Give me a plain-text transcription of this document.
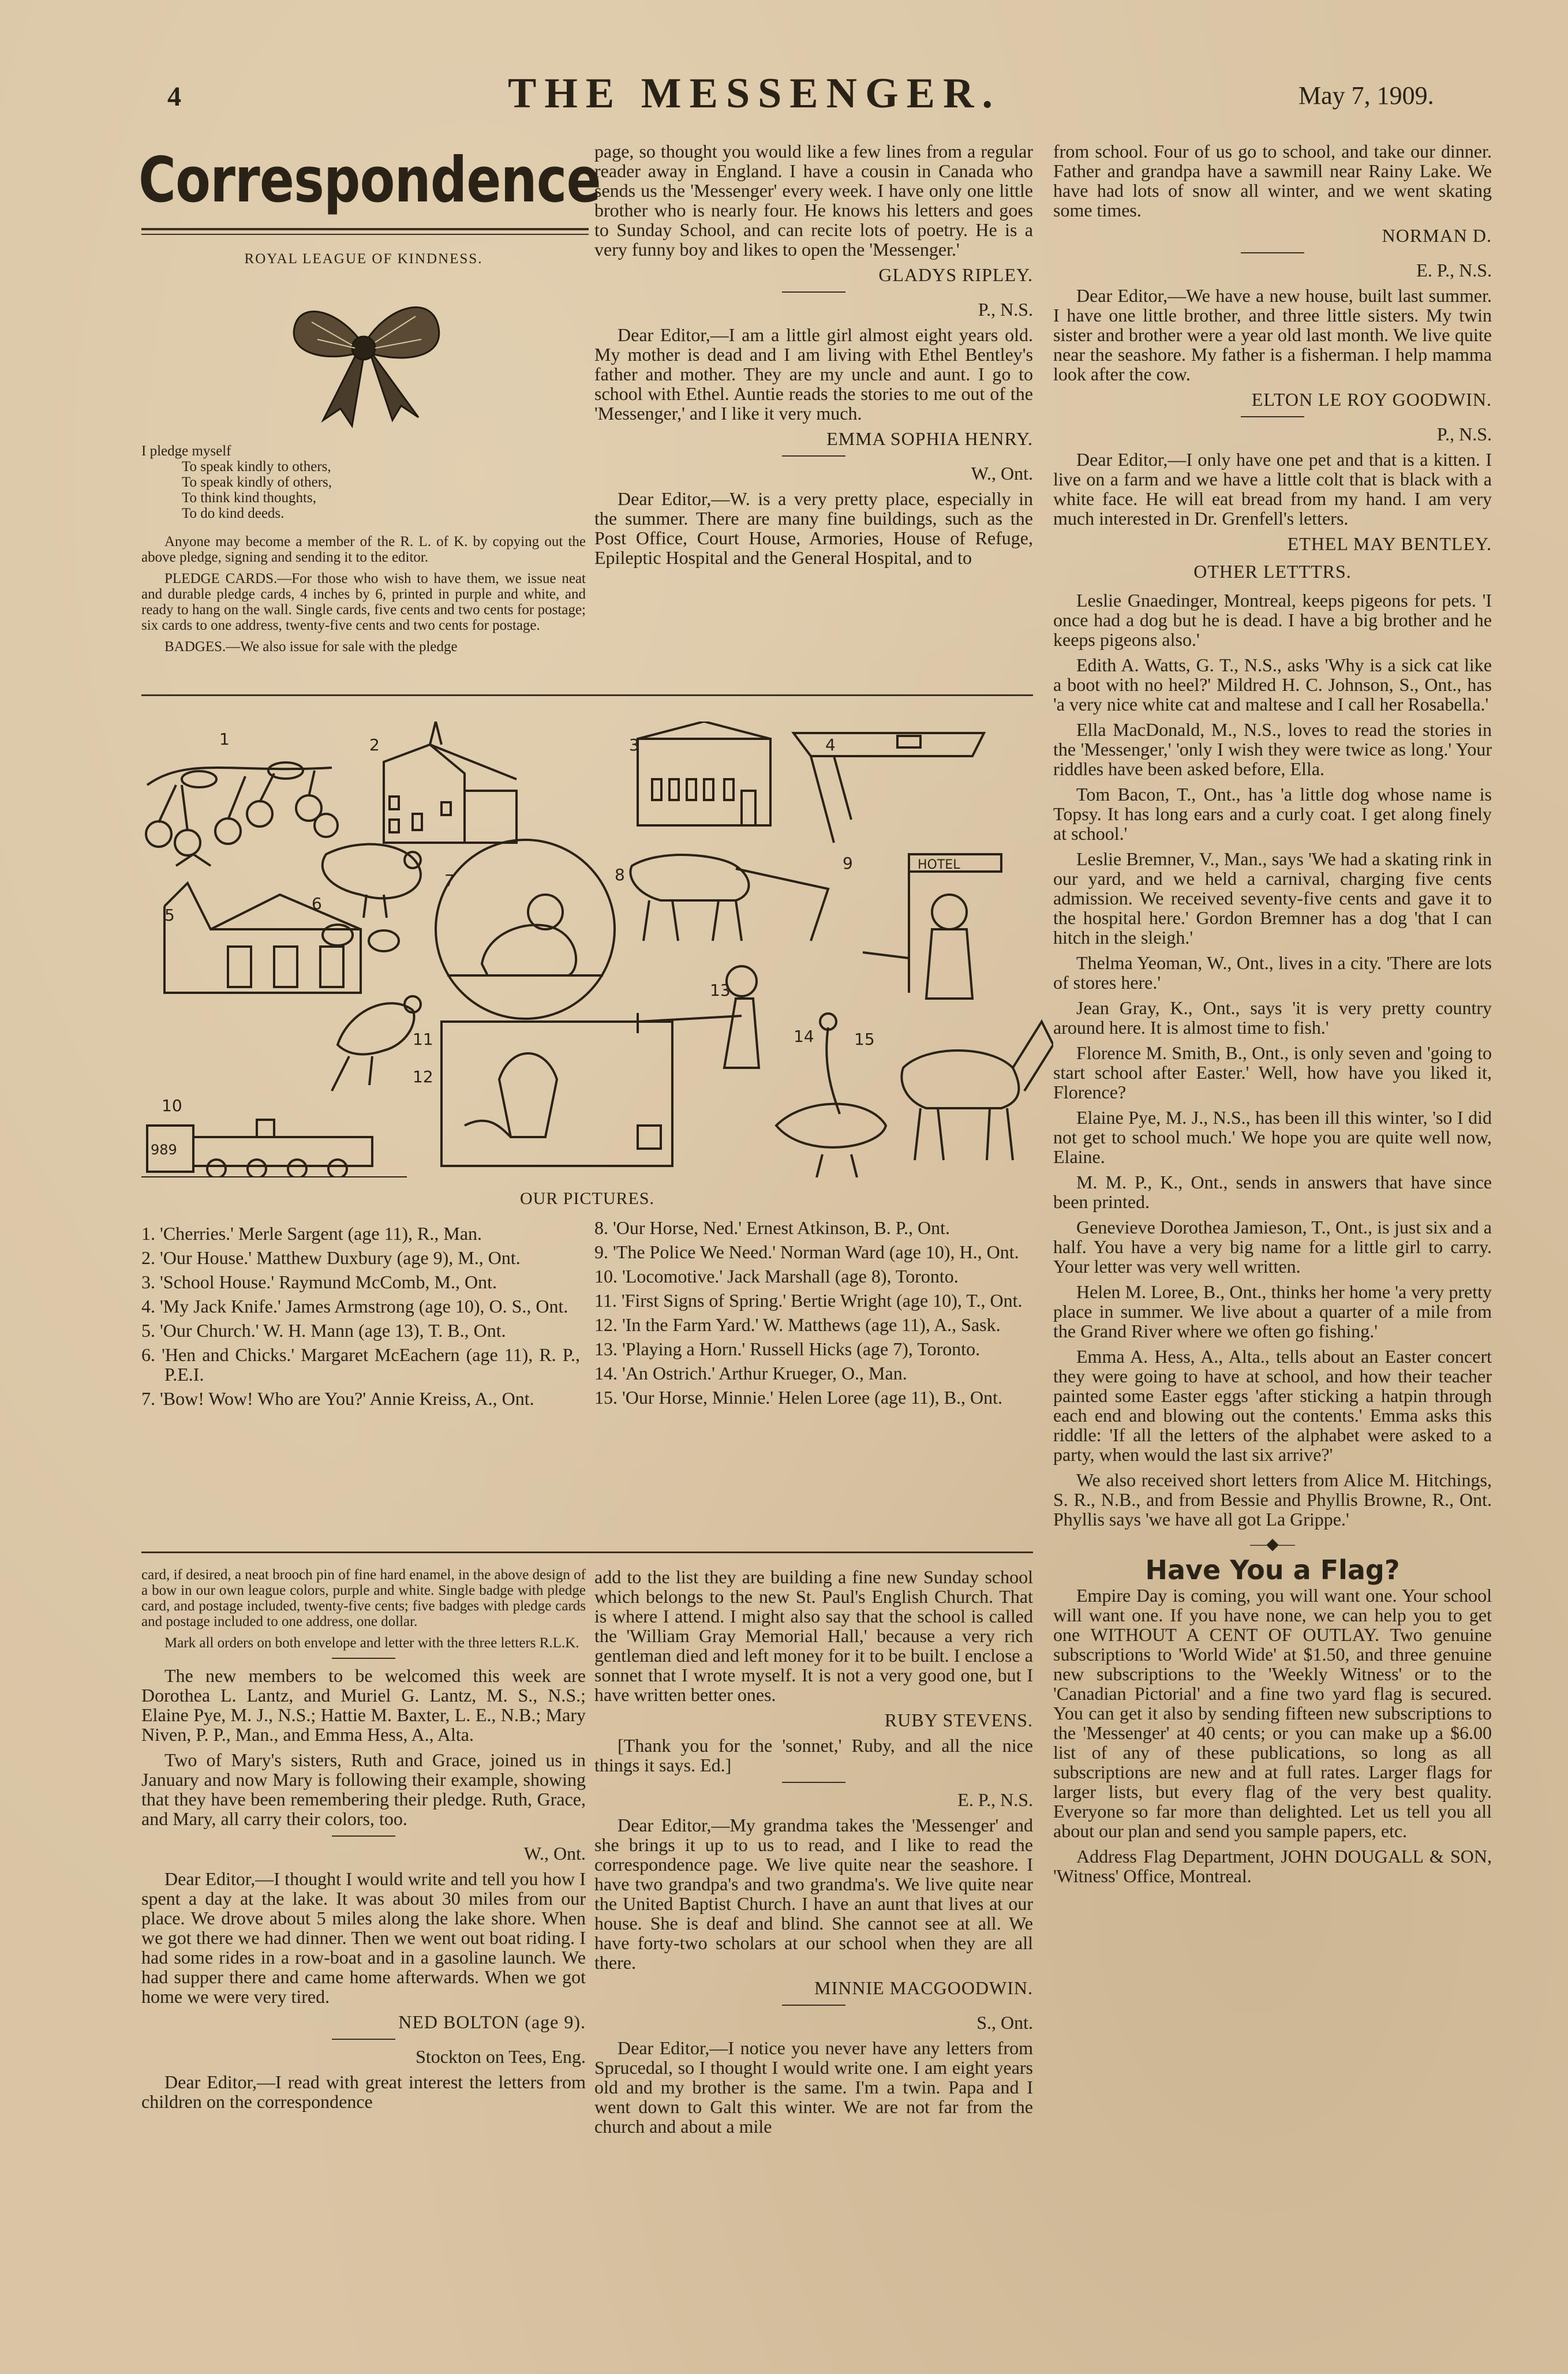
4	THE MESSENGER.	May 7, 1909.
Correspondence
ROYAL LEAGUE OF KINDNESS.
I pledge myself
To speak kindly to others,
To speak kindly of others,
To think kind thoughts,
To do kind deeds.

Anyone may become a member of the R. L. of K. by copying out the above pledge, signing and sending it to the editor.

PLEDGE CARDS.—For those who wish to have them, we issue neat and durable pledge cards, 4 inches by 6, printed in purple and white, and ready to hang on the wall. Single cards, five cents and two cents for postage; six cards to one address, twenty-five cents and two cents for postage.

BADGES.—We also issue for sale with the pledge

page, so thought you would like a few lines from a regular reader away in England. I have a cousin in Canada who sends us the 'Messenger' every week. I have only one little brother who is nearly four. He knows his letters and goes to Sunday School, and can recite lots of poetry. He is a very funny boy and likes to open the 'Messenger.'

GLADYS RIPLEY.

P., N.S.

Dear Editor,—I am a little girl almost eight years old. My mother is dead and I am living with Ethel Bentley's father and mother. They are my uncle and aunt. I go to school with Ethel. Auntie reads the stories to me out of the 'Messenger,' and I like it very much.

EMMA SOPHIA HENRY.

W., Ont.

Dear Editor,—W. is a very pretty place, especially in the summer. There are many fine buildings, such as the Post Office, Court House, Armories, House of Refuge, Epileptic Hospital and the General Hospital, and to

from school. Four of us go to school, and take our dinner. Father and grandpa have a sawmill near Rainy Lake. We have had lots of snow all winter, and we went skating some times.

NORMAN D.

E. P., N.S.

Dear Editor,—We have a new house, built last summer. I have one little brother, and three little sisters. My twin sister and brother were a year old last month. We live quite near the seashore. My father is a fisherman. I help mamma look after the cow.

ELTON LE ROY GOODWIN.

P., N.S.

Dear Editor,—I only have one pet and that is a kitten. I live on a farm and we have a little colt that is black with a white face. He will eat bread from my hand. I am very much interested in Dr. Grenfell's letters.

ETHEL MAY BENTLEY.

OTHER LETTTRS.

Leslie Gnaedinger, Montreal, keeps pigeons for pets. 'I once had a dog but he is dead. I have a big brother and he keeps pigeons also.'

Edith A. Watts, G. T., N.S., asks 'Why is a sick cat like a boot with no heel?' Mildred H. C. Johnson, S., Ont., has 'a very nice white cat and maltese and I call her Rosabella.'

Ella MacDonald, M., N.S., loves to read the stories in the 'Messenger,' 'only I wish they were twice as long.' Your riddles have been asked before, Ella.

Tom Bacon, T., Ont., has 'a little dog whose name is Topsy. It has long ears and a curly coat. I get along finely at school.'

Leslie Bremner, V., Man., says 'We had a skating rink in our yard, and we held a carnival, charging five cents admission. We received seventy-five cents and gave it to the hospital here.' Gordon Bremner has a dog 'that I can hitch in the sleigh.'

Thelma Yeoman, W., Ont., lives in a city. 'There are lots of stores here.'

Jean Gray, K., Ont., says 'it is very pretty country around here. It is almost time to fish.'

Florence M. Smith, B., Ont., is only seven and 'going to start school after Easter.' Well, how have you liked it, Florence?

Elaine Pye, M. J., N.S., has been ill this winter, 'so I did not get to school much.' We hope you are quite well now, Elaine.

M. M. P., K., Ont., sends in answers that have since been printed.

Genevieve Dorothea Jamieson, T., Ont., is just six and a half. You have a very big name for a little girl to carry. Your letter was very well written.

Helen M. Loree, B., Ont., thinks her home 'a very pretty place in summer. We live about a quarter of a mile from the Grand River where we often go fishing.'

Emma A. Hess, A., Alta., tells about an Easter concert they were going to have at school, and how their teacher painted some Easter eggs 'after sticking a hatpin through each end and blowing out the contents.' Emma asks this riddle: 'If all the letters of the alphabet were asked to a party, when would the last six arrive?'

We also received short letters from Alice M. Hitchings, S. R., N.B., and from Bessie and Phyllis Browne, R., Ont. Phyllis says 'we have all got La Grippe.'

—◆—
Have You a Flag?

Empire Day is coming, you will want one. Your school will want one. If you have none, we can help you to get one WITHOUT A CENT OF OUTLAY. Two genuine subscriptions to 'World Wide' at $1.50, and three genuine new subscriptions to the 'Weekly Witness' or to the 'Canadian Pictorial' and a fine two yard flag is secured. You can get it also by sending fifteen new subscriptions to the 'Messenger' at 40 cents; or you can make up a $6.00 list of any of these publications, so long as all subscriptions are new and at full rates. Larger flags for larger lists, but every flag of the very best quality. Everyone so far more than delighted. Let us tell you all about our plan and send you sample papers, etc.

Address Flag Department, JOHN DOUGALL & SON, 'Witness' Office, Montreal.

1	2	3	4
5
6
7	8
9
10
11
12
13
14 15
HOTEL
989
OUR PICTURES.
1. 'Cherries.' Merle Sargent (age 11), R., Man.
2. 'Our House.' Matthew Duxbury (age 9), M., Ont.
3. 'School House.' Raymund McComb, M., Ont.
4. 'My Jack Knife.' James Armstrong (age 10), O. S., Ont.
5. 'Our Church.' W. H. Mann (age 13), T. B., Ont.
6. 'Hen and Chicks.' Margaret McEachern (age 11), R. P., P.E.I.
7. 'Bow! Wow! Who are You?' Annie Kreiss, A., Ont.
8. 'Our Horse, Ned.' Ernest Atkinson, B. P., Ont.
9. 'The Police We Need.' Norman Ward (age 10), H., Ont.
10. 'Locomotive.' Jack Marshall (age 8), Toronto.
11. 'First Signs of Spring.' Bertie Wright (age 10), T., Ont.
12. 'In the Farm Yard.' W. Matthews (age 11), A., Sask.
13. 'Playing a Horn.' Russell Hicks (age 7), Toronto.
14. 'An Ostrich.' Arthur Krueger, O., Man.
15. 'Our Horse, Minnie.' Helen Loree (age 11), B., Ont.

card, if desired, a neat brooch pin of fine hard enamel, in the above design of a bow in our own league colors, purple and white. Single badge with pledge card, and postage included, twenty-five cents; five badges with pledge cards and postage included to one address, one dollar.

Mark all orders on both envelope and letter with the three letters R.L.K.

The new members to be welcomed this week are Dorothea L. Lantz, and Muriel G. Lantz, M. S., N.S.; Elaine Pye, M. J., N.S.; Hattie M. Baxter, L. E., N.B.; Mary Niven, P. P., Man., and Emma Hess, A., Alta.

Two of Mary's sisters, Ruth and Grace, joined us in January and now Mary is following their example, showing that they have been remembering their pledge. Ruth, Grace, and Mary, all carry their colors, too.

W., Ont.

Dear Editor,—I thought I would write and tell you how I spent a day at the lake. It was about 30 miles from our place. We drove about 5 miles along the lake shore. When we got there we had dinner. Then we went out boat riding. I had some rides in a row-boat and in a gasoline launch. We had supper there and came home afterwards. When we got home we were very tired.

NED BOLTON (age 9).

Stockton on Tees, Eng.

Dear Editor,—I read with great interest the letters from children on the correspondence

add to the list they are building a fine new Sunday school which belongs to the new St. Paul's English Church. That is where I attend. I might also say that the school is called the 'William Gray Memorial Hall,' because a very rich gentleman died and left money for it to be built. I enclose a sonnet that I wrote myself. It is not a very good one, but I have written better ones.

RUBY STEVENS.

[Thank you for the 'sonnet,' Ruby, and all the nice things it says. Ed.]

E. P., N.S.

Dear Editor,—My grandma takes the 'Messenger' and she brings it up to us to read, and I like to read the correspondence page. We live quite near the seashore. I have two grandpa's and two grandma's. We live quite near the United Baptist Church. I have an aunt that lives at our house. She is deaf and blind. She cannot see at all. We have forty-two scholars at our school when they are all there.

MINNIE MACGOODWIN.

S., Ont.

Dear Editor,—I notice you never have any letters from Sprucedal, so I thought I would write one. I am eight years old and my brother is the same. I'm a twin. Papa and I went down to Galt this winter. We are not far from the church and about a mile
